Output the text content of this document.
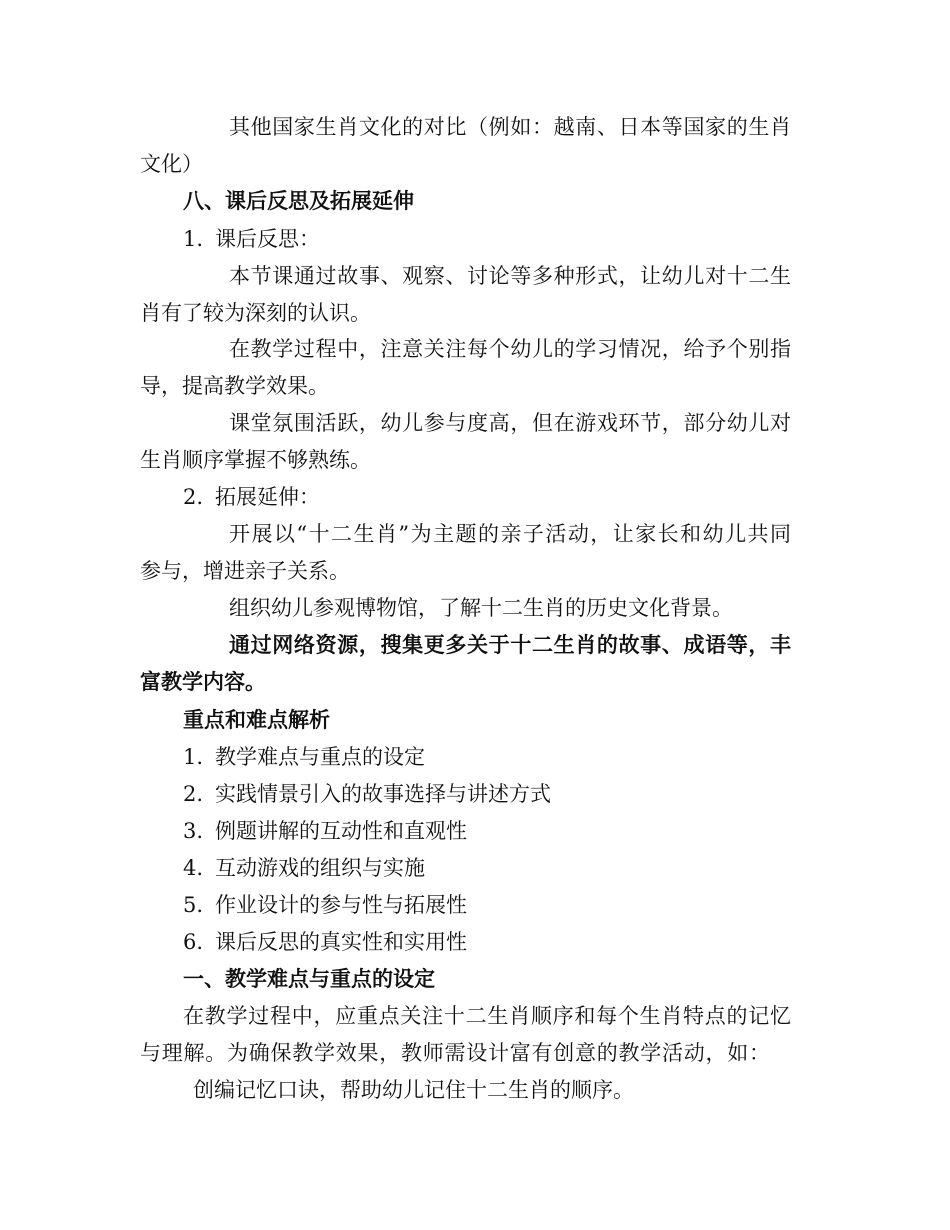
其他国家生肖文化的对比（例如：越南、日本等国家的生肖
文化）
八、课后反思及拓展延伸
1. 课后反思：
本节课通过故事、观察、讨论等多种形式，让幼儿对十二生
肖有了较为深刻的认识。
在教学过程中，注意关注每个幼儿的学习情况，给予个别指
导，提高教学效果。
课堂氛围活跃，幼儿参与度高，但在游戏环节，部分幼儿对
生肖顺序掌握不够熟练。
2. 拓展延伸：
开展以“十二生肖”为主题的亲子活动，让家长和幼儿共同
参与，增进亲子关系。
组织幼儿参观博物馆，了解十二生肖的历史文化背景。
通过网络资源，搜集更多关于十二生肖的故事、成语等，丰
富教学内容。
重点和难点解析
1. 教学难点与重点的设定
2. 实践情景引入的故事选择与讲述方式
3. 例题讲解的互动性和直观性
4. 互动游戏的组织与实施
5. 作业设计的参与性与拓展性
6. 课后反思的真实性和实用性
一、教学难点与重点的设定
在教学过程中，应重点关注十二生肖顺序和每个生肖特点的记忆
与理解。为确保教学效果，教师需设计富有创意的教学活动，如：
创编记忆口诀，帮助幼儿记住十二生肖的顺序。
